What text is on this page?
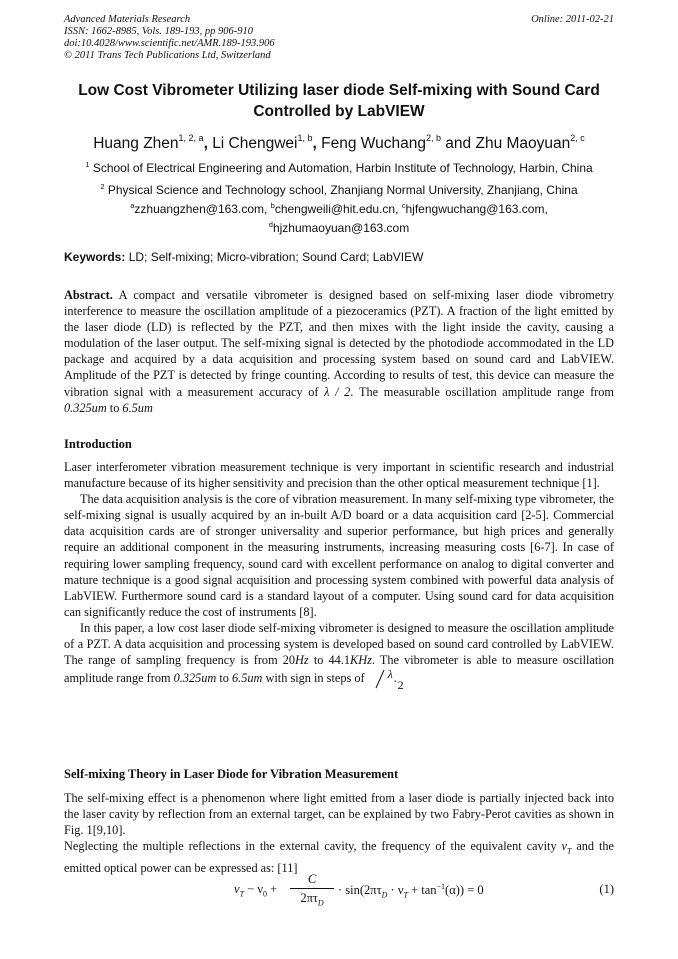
Advanced Materials Research
ISSN: 1662-8985, Vols. 189-193, pp 906-910
doi:10.4028/www.scientific.net/AMR.189-193.906
© 2011 Trans Tech Publications Ltd, Switzerland
Online: 2011-02-21
Low Cost Vibrometer Utilizing laser diode Self-mixing with Sound Card Controlled by LabVIEW
Huang Zhen$^{1, 2, a}$, Li Chengwei$^{1, b}$, Feng Wuchang$^{2, b}$ and Zhu Maoyuan$^{2, c}$
$^1$ School of Electrical Engineering and Automation, Harbin Institute of Technology, Harbin, China
$^2$ Physical Science and Technology school, Zhanjiang Normal University, Zhanjiang, China
$^a$zzhuangzhen@163.com, $^b$chengweili@hit.edu.cn, $^c$hjfengwuchang@163.com,
$^d$hjzhumaoyuan@163.com
Keywords: LD; Self-mixing; Micro-vibration; Sound Card; LabVIEW

Abstract. A compact and versatile vibrometer is designed based on self-mixing laser diode vibrometry interference to measure the oscillation amplitude of a piezoceramics (PZT). A fraction of the light emitted by the laser diode (LD) is reflected by the PZT, and then mixes with the light inside the cavity, causing a modulation of the laser output. The self-mixing signal is detected by the photodiode accommodated in the LD package and acquired by a data acquisition and processing system based on sound card and LabVIEW. Amplitude of the PZT is detected by fringe counting. According to results of test, this device can measure the vibration signal with a measurement accuracy of λ / 2. The measurable oscillation amplitude range from 0.325um to 6.5um

Introduction

Laser interferometer vibration measurement technique is very important in scientific research and industrial manufacture because of its higher sensitivity and precision than the other optical measurement technique [1].

The data acquisition analysis is the core of vibration measurement. In many self-mixing type vibrometer, the self-mixing signal is usually acquired by an in-built A/D board or a data acquisition card [2-5]. Commercial data acquisition cards are of stronger universality and superior performance, but high prices and generally require an additional component in the measuring instruments, increasing measuring costs [6-7]. In case of requiring lower sampling frequency, sound card with excellent performance on analog to digital converter and mature technique is a good signal acquisition and processing system combined with powerful data analysis of LabVIEW. Furthermore sound card is a standard layout of a computer. Using sound card for data acquisition can significantly reduce the cost of instruments [8].

In this paper, a low cost laser diode self-mixing vibrometer is designed to measure the oscillation amplitude of a PZT. A data acquisition and processing system is developed based on sound card controlled by LabVIEW. The range of sampling frequency is from 20Hz to 44.1KHz. The vibrometer is able to measure oscillation amplitude range from 0.325um to 6.5um with sign in steps of	λ
2
.

Self-mixing Theory in Laser Diode for Vibration Measurement

The self-mixing effect is a phenomenon where light emitted from a laser diode is partially injected back into the laser cavity by reflection from an external target, can be explained by two Fabry-Perot cavities as shown in Fig. 1[9,10].

Neglecting the multiple reflections in the external cavity, the frequency of the equivalent cavity $\nu_T$ and the emitted optical power can be expressed as: [11]

$\nu_T - \nu_0$ +
C
$2\pi\tau_D$
· $\sin(2\pi\tau_D \cdot \nu_T + \tan^{-1}(\alpha)) = 0$	(1)
